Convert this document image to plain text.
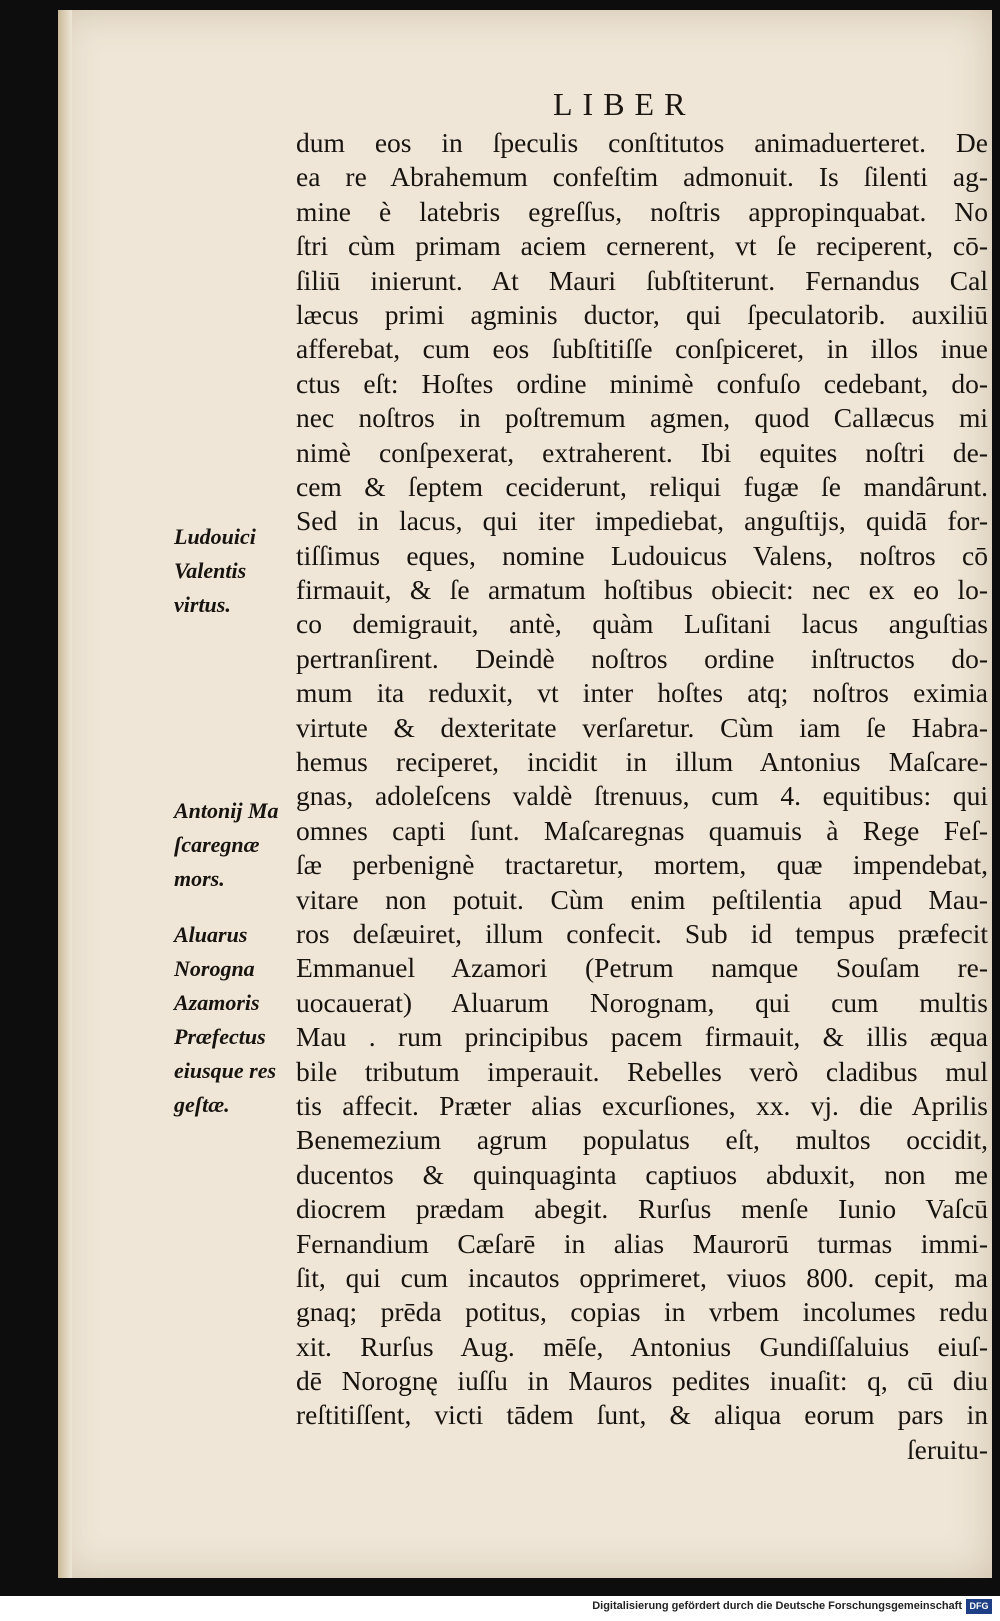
LIBER
dum eos in ſpeculis conſtitutos animaduerteret. De
ea re Abrahemum confeſtim admonuit. Is ſilenti ag-
mine è latebris egreſſus, noſtris appropinquabat. No
ſtri cùm primam aciem cernerent, vt ſe reciperent, cō-
ſiliū inierunt. At Mauri ſubſtiterunt. Fernandus Cal
læcus primi agminis ductor, qui ſpeculatorib. auxiliū
afferebat, cum eos ſubſtitiſſe conſpiceret, in illos inue
ctus eſt: Hoſtes ordine minimè confuſo cedebant, do-
nec noſtros in poſtremum agmen, quod Callæcus mi
nimè conſpexerat, extraherent. Ibi equites noſtri de-
cem & ſeptem ceciderunt, reliqui fugæ ſe mandârunt.
Sed in lacus, qui iter impediebat, anguſtijs, quidā for-
tiſſimus eques, nomine Ludouicus Valens, noſtros cō
firmauit, & ſe armatum hoſtibus obiecit: nec ex eo lo-
co demigrauit, antè, quàm Luſitani lacus anguſtias
pertranſirent. Deindè noſtros ordine inſtructos do-
mum ita reduxit, vt inter hoſtes atq; noſtros eximia
virtute & dexteritate verſaretur. Cùm iam ſe Habra-
hemus reciperet, incidit in illum Antonius Maſcare-
gnas, adoleſcens valdè ſtrenuus, cum 4. equitibus: qui
omnes capti ſunt. Maſcaregnas quamuis à Rege Feſ-
ſæ perbenignè tractaretur, mortem, quæ impendebat,
vitare non potuit. Cùm enim peſtilentia apud Mau-
ros deſæuiret, illum confecit. Sub id tempus præfecit
Emmanuel Azamori (Petrum namque Souſam re-
uocauerat) Aluarum Norognam, qui cum multis
Mau . rum principibus pacem firmauit, & illis æqua
bile tributum imperauit. Rebelles verò cladibus mul
tis affecit. Præter alias excurſiones, xx. vj. die Aprilis
Benemezium agrum populatus eſt, multos occidit,
ducentos & quinquaginta captiuos abduxit, non me
diocrem prædam abegit. Rurſus menſe Iunio Vaſcū
Fernandium Cæſarē in alias Maurorū turmas immi-
ſit, qui cum incautos opprimeret, viuos 800. cepit, ma
gnaq; prēda potitus, copias in vrbem incolumes redu
xit. Rurſus Aug. mēſe, Antonius Gundiſſaluius eiuſ-
dē Norognę iuſſu in Mauros pedites inuaſit: q, cū diu
reſtitiſſent, victi tādem ſunt, & aliqua eorum pars in
ſeruitu-
Ludouici
Valentis
virtus.
Antonij Ma
ſcaregnæ
mors.
Aluarus
Norogna
Azamoris
Præfectus
eiusque res
geſtæ.
Digitalisierung gefördert durch die Deutsche Forschungsgemeinschaft DFG
